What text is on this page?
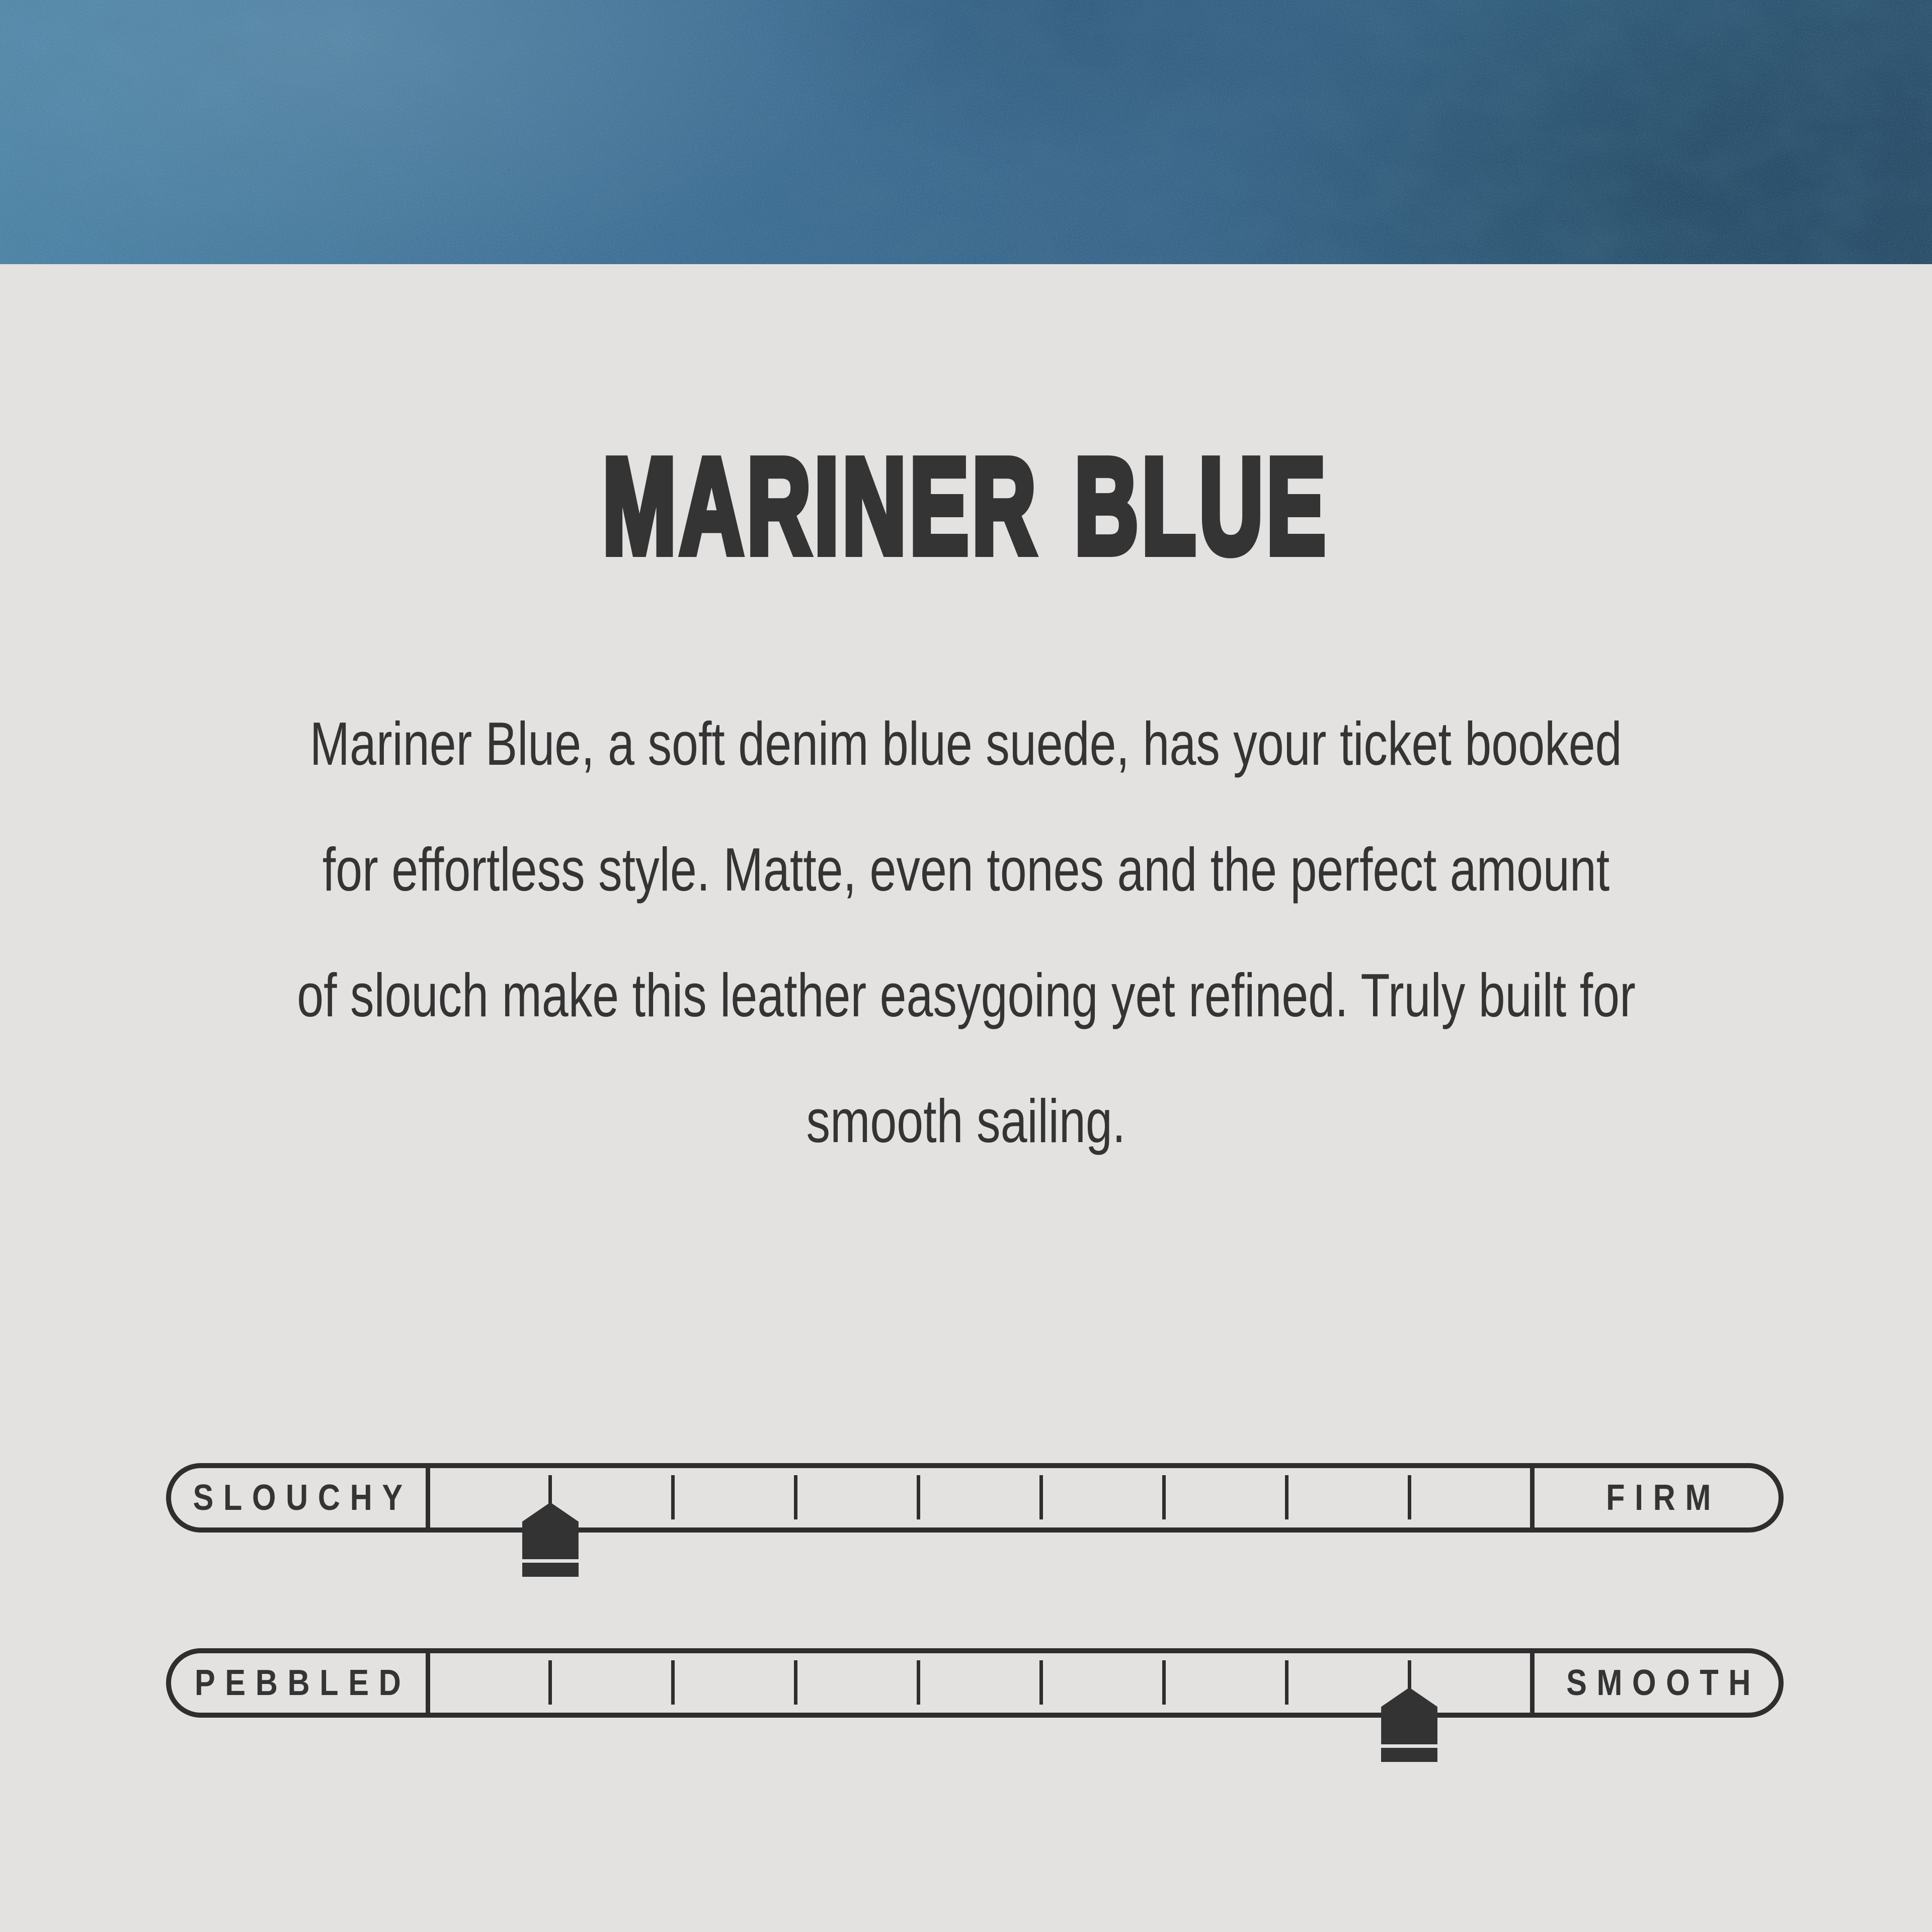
MARINER BLUE
Mariner Blue, a soft denim blue suede, has your ticket booked
for effortless style. Matte, even tones and the perfect amount
of slouch make this leather easygoing yet refined. Truly built for
smooth sailing.
SLOUCHY	FIRM
PEBBLED	SMOOTH
